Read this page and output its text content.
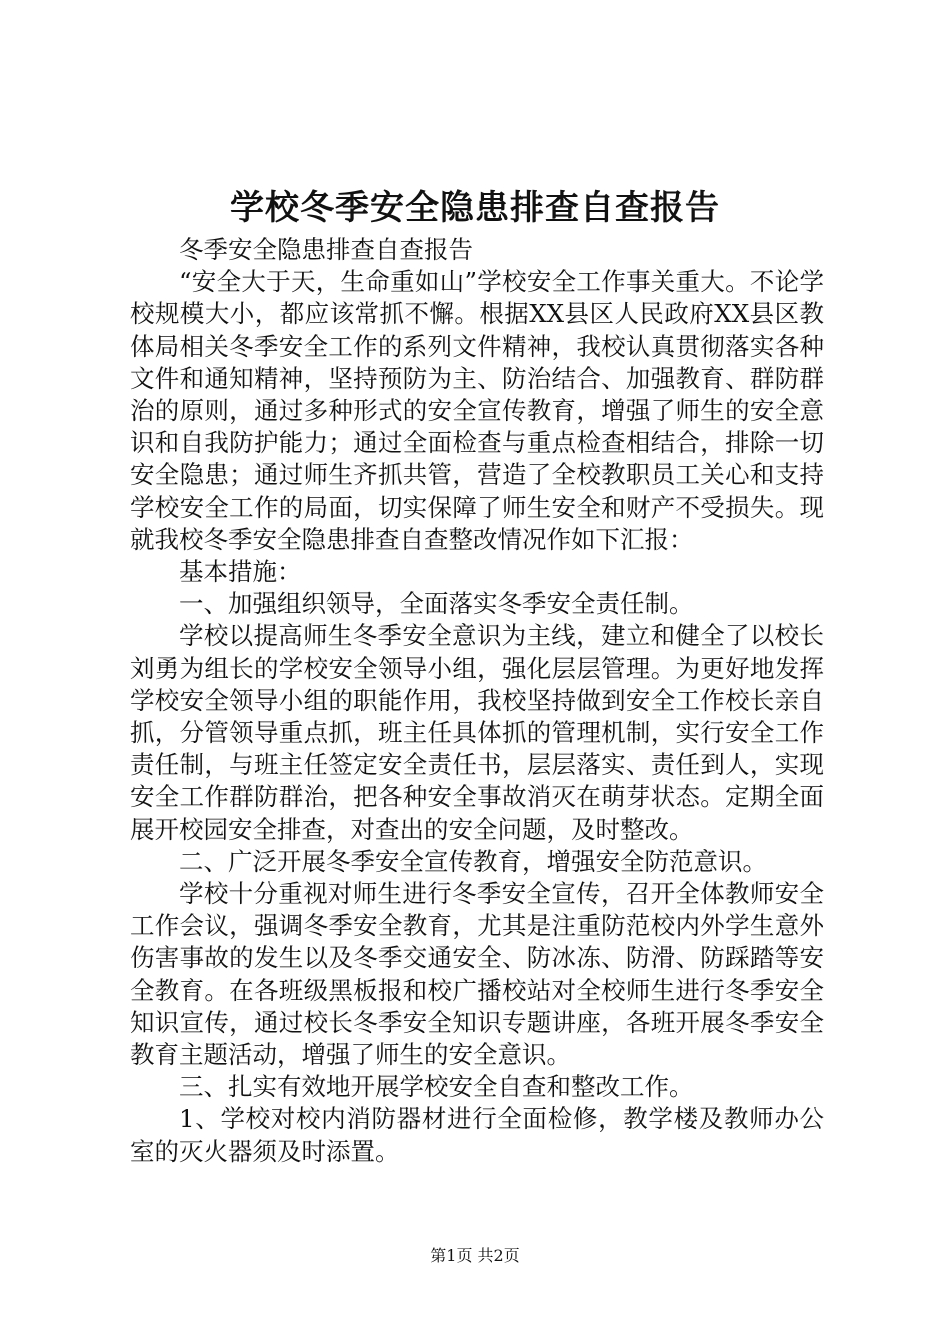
学校冬季安全隐患排查自查报告

冬季安全隐患排查自查报告

“安全大于天，生命重如山”学校安全工作事关重大。不论学校规模大小，都应该常抓不懈。根据XX县区人民政府XX县区教体局相关冬季安全工作的系列文件精神，我校认真贯彻落实各种文件和通知精神，坚持预防为主、防治结合、加强教育、群防群治的原则，通过多种形式的安全宣传教育，增强了师生的安全意识和自我防护能力；通过全面检查与重点检查相结合，排除一切安全隐患；通过师生齐抓共管，营造了全校教职员工关心和支持学校安全工作的局面，切实保障了师生安全和财产不受损失。现就我校冬季安全隐患排查自查整改情况作如下汇报：

基本措施：

一、加强组织领导，全面落实冬季安全责任制。

学校以提高师生冬季安全意识为主线，建立和健全了以校长刘勇为组长的学校安全领导小组，强化层层管理。为更好地发挥学校安全领导小组的职能作用，我校坚持做到安全工作校长亲自抓，分管领导重点抓，班主任具体抓的管理机制，实行安全工作责任制，与班主任签定安全责任书，层层落实、责任到人，实现安全工作群防群治，把各种安全事故消灭在萌芽状态。定期全面展开校园安全排查，对查出的安全问题，及时整改。

二、广泛开展冬季安全宣传教育，增强安全防范意识。

学校十分重视对师生进行冬季安全宣传，召开全体教师安全工作会议，强调冬季安全教育，尤其是注重防范校内外学生意外伤害事故的发生以及冬季交通安全、防冰冻、防滑、防踩踏等安全教育。在各班级黑板报和校广播校站对全校师生进行冬季安全知识宣传，通过校长冬季安全知识专题讲座，各班开展冬季安全教育主题活动，增强了师生的安全意识。

三、扎实有效地开展学校安全自查和整改工作。

1、学校对校内消防器材进行全面检修，教学楼及教师办公室的灭火器须及时添置。

第1页 共2页
